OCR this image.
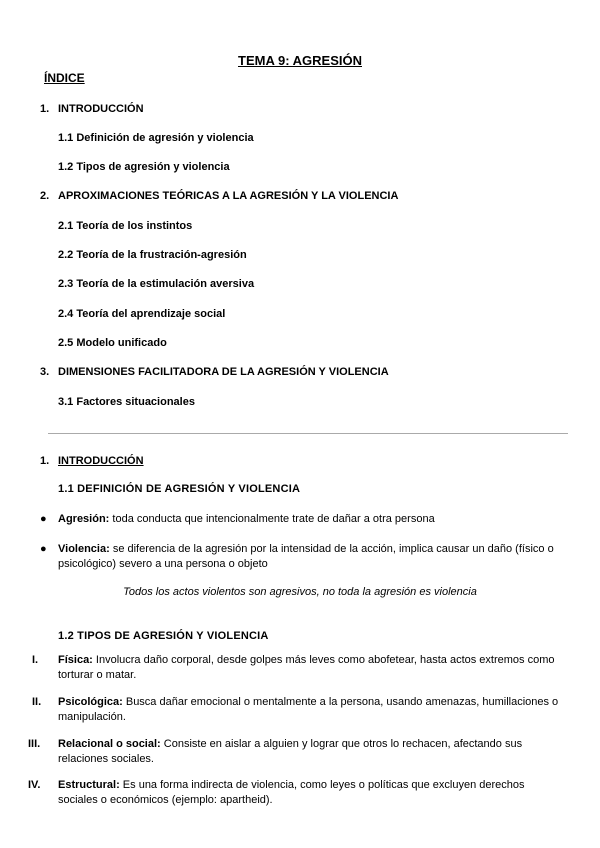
TEMA 9: AGRESIÓN
ÍNDICE
1. INTRODUCCIÓN
1.1 Definición de agresión y violencia
1.2 Tipos de agresión y violencia
2. APROXIMACIONES TEÓRICAS A LA AGRESIÓN Y LA VIOLENCIA
2.1 Teoría de los instintos
2.2 Teoría de la frustración-agresión
2.3 Teoría de la estimulación aversiva
2.4 Teoría del aprendizaje social
2.5 Modelo unificado
3. DIMENSIONES FACILITADORA DE LA AGRESIÓN Y VIOLENCIA
3.1 Factores situacionales
1. INTRODUCCIÓN
1.1 DEFINICIÓN DE AGRESIÓN Y VIOLENCIA
● Agresión: toda conducta que intencionalmente trate de dañar a otra persona
● Violencia: se diferencia de la agresión por la intensidad de la acción, implica causar un daño (físico o psicológico) severo a una persona o objeto
Todos los actos violentos son agresivos, no toda la agresión es violencia
1.2 TIPOS DE AGRESIÓN Y VIOLENCIA
I. Física: Involucra daño corporal, desde golpes más leves como abofetear, hasta actos extremos como torturar o matar.
II. Psicológica: Busca dañar emocional o mentalmente a la persona, usando amenazas, humillaciones o manipulación.
III. Relacional o social: Consiste en aislar a alguien y lograr que otros lo rechacen, afectando sus relaciones sociales.
IV. Estructural: Es una forma indirecta de violencia, como leyes o políticas que excluyen derechos sociales o económicos (ejemplo: apartheid).
